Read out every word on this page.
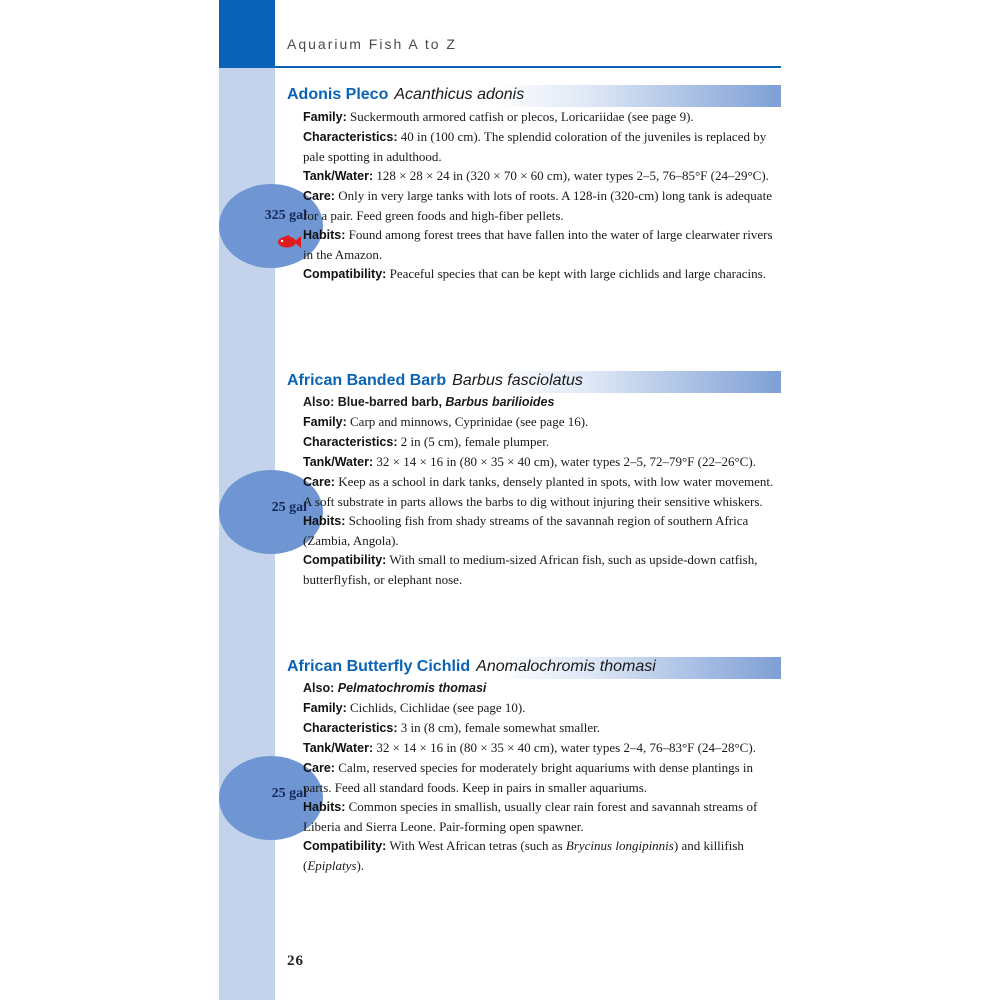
Aquarium Fish A to Z
325 gal
25 gal
25 gal
Adonis Pleco Acanthicus adonis

Family: Suckermouth armored catfish or plecos, Loricariidae (see page 9).

Characteristics: 40 in (100 cm). The splendid coloration of the juveniles is replaced by pale spotting in adulthood.

Tank/Water: 128 × 28 × 24 in (320 × 70 × 60 cm), water types 2–5, 76–85°F (24–29°C).

Care: Only in very large tanks with lots of roots. A 128-in (320-cm) long tank is adequate for a pair. Feed green foods and high-fiber pellets.

Habits: Found among forest trees that have fallen into the water of large clearwater rivers in the Amazon.

Compatibility: Peaceful species that can be kept with large cichlids and large characins.

African Banded Barb Barbus fasciolatus

Also: Blue-barred barb, Barbus barilioides

Family: Carp and minnows, Cyprinidae (see page 16).

Characteristics: 2 in (5 cm), female plumper.

Tank/Water: 32 × 14 × 16 in (80 × 35 × 40 cm), water types 2–5, 72–79°F (22–26°C).

Care: Keep as a school in dark tanks, densely planted in spots, with low water movement. A soft substrate in parts allows the barbs to dig without injuring their sensitive whiskers.

Habits: Schooling fish from shady streams of the savannah region of southern Africa (Zambia, Angola).

Compatibility: With small to medium-sized African fish, such as upside-down catfish, butterflyfish, or elephant nose.

African Butterfly Cichlid Anomalochromis thomasi

Also: Pelmatochromis thomasi

Family: Cichlids, Cichlidae (see page 10).

Characteristics: 3 in (8 cm), female somewhat smaller.

Tank/Water: 32 × 14 × 16 in (80 × 35 × 40 cm), water types 2–4, 76–83°F (24–28°C).

Care: Calm, reserved species for moderately bright aquariums with dense plantings in parts. Feed all standard foods. Keep in pairs in smaller aquariums.

Habits: Common species in smallish, usually clear rain forest and savannah streams of Liberia and Sierra Leone. Pair-forming open spawner.

Compatibility: With West African tetras (such as Brycinus longipinnis) and killifish (Epiplatys).

26
